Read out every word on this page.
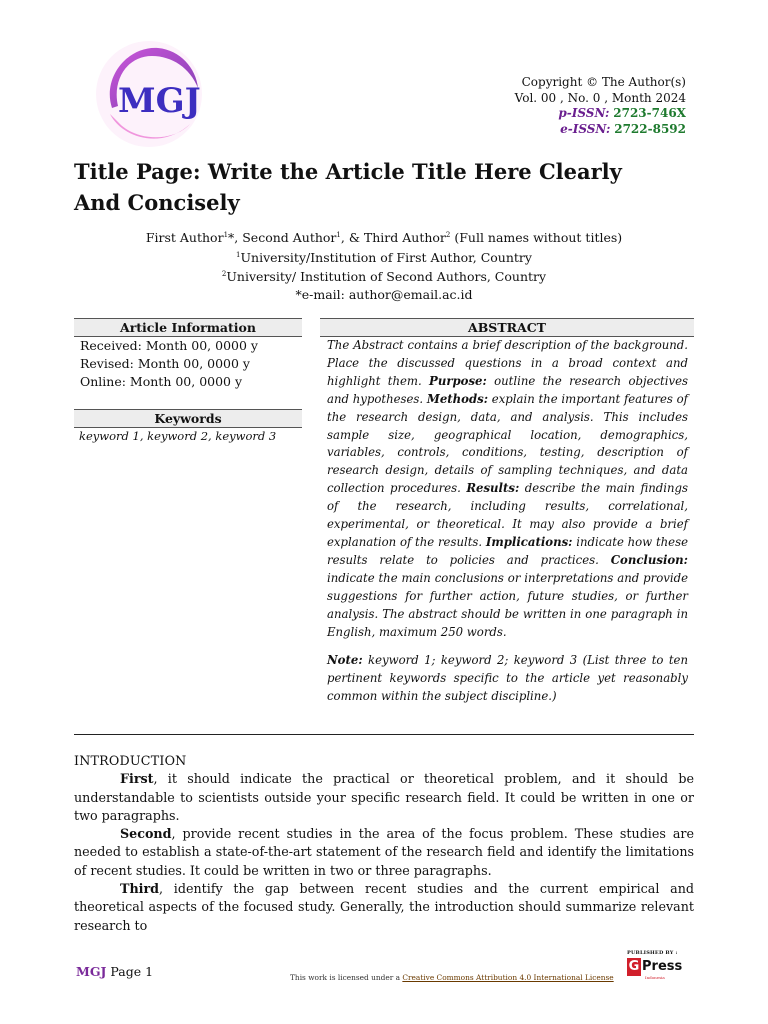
MGJ	Copyright © The Author(s)
Vol. 00 , No. 0 , Month 2024
p-ISSN: 2723-746X
e-ISSN: 2722-8592
Title Page: Write the Article Title Here Clearly And Concisely
First Author$^1$*, Second Author$^1$, & Third Author$^2$ (Full names without titles)
$^1$University/Institution of First Author, Country
$^2$University/ Institution of Second Authors, Country
*e-mail: author@email.ac.id
Article Information
Received: Month 00, 0000 y
Revised: Month 00, 0000 y
Online: Month 00, 0000 y
Keywords
keyword 1, keyword 2, keyword 3
ABSTRACT
The Abstract contains a brief description of the background. Place the discussed questions in a broad context and highlight them. Purpose: outline the research objectives and hypotheses. Methods: explain the important features of the research design, data, and analysis. This includes sample size, geographical location, demographics, variables, controls, conditions, testing, description of research design, details of sampling techniques, and data collection procedures. Results: describe the main findings of the research, including results, correlational, experimental, or theoretical. It may also provide a brief explanation of the results. Implications: indicate how these results relate to policies and practices. Conclusion: indicate the main conclusions or interpretations and provide suggestions for further action, future studies, or further analysis. The abstract should be written in one paragraph in English, maximum 250 words.
Note: keyword 1; keyword 2; keyword 3 (List three to ten pertinent keywords specific to the article yet reasonably common within the subject discipline.)
INTRODUCTION

First, it should indicate the practical or theoretical problem, and it should be understandable to scientists outside your specific research field. It could be written in one or two paragraphs.

Second, provide recent studies in the area of the focus problem. These studies are needed to establish a state-of-the-art statement of the research field and identify the limitations of recent studies. It could be written in two or three paragraphs.

Third, identify the gap between recent studies and the current empirical and theoretical aspects of the focused study. Generally, the introduction should summarize relevant research to

MGJ Page 1	This work is licensed under a Creative Commons Attribution 4.0 International License
PUBLISHED BY :
G Press
Indonesia
